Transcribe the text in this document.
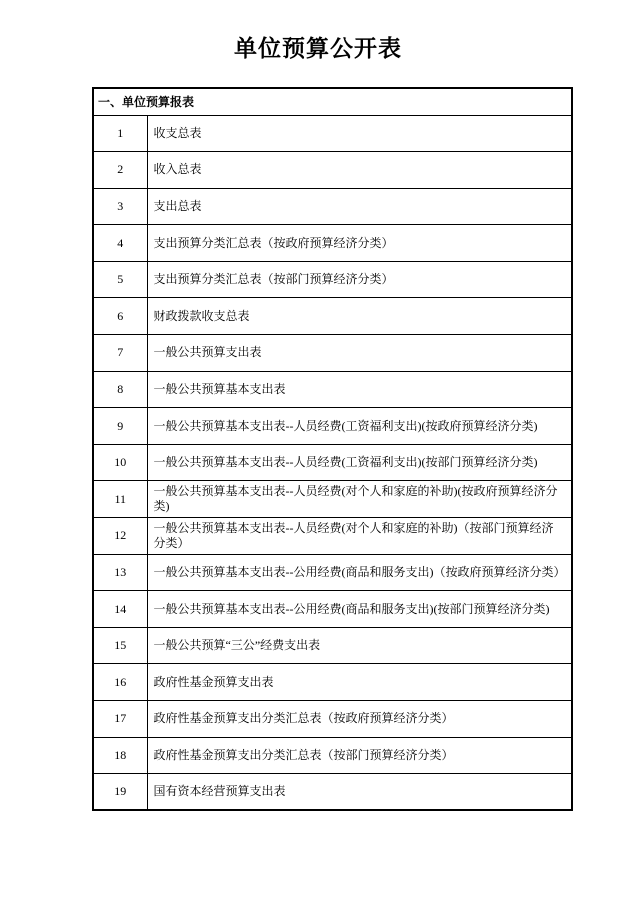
单位预算公开表
一、单位预算报表	
1	收支总表
2	收入总表
3	支出总表
4	支出预算分类汇总表（按政府预算经济分类）
5	支出预算分类汇总表（按部门预算经济分类）
6	财政拨款收支总表
7	一般公共预算支出表
8	一般公共预算基本支出表
9	一般公共预算基本支出表--人员经费(工资福利支出)(按政府预算经济分类)
10	一般公共预算基本支出表--人员经费(工资福利支出)(按部门预算经济分类)
11	一般公共预算基本支出表--人员经费(对个人和家庭的补助)(按政府预算经济分类)
12	一般公共预算基本支出表--人员经费(对个人和家庭的补助)（按部门预算经济分类）
13	一般公共预算基本支出表--公用经费(商品和服务支出)（按政府预算经济分类）
14	一般公共预算基本支出表--公用经费(商品和服务支出)(按部门预算经济分类)
15	一般公共预算“三公”经费支出表
16	政府性基金预算支出表
17	政府性基金预算支出分类汇总表（按政府预算经济分类）
18	政府性基金预算支出分类汇总表（按部门预算经济分类）
19	国有资本经营预算支出表
